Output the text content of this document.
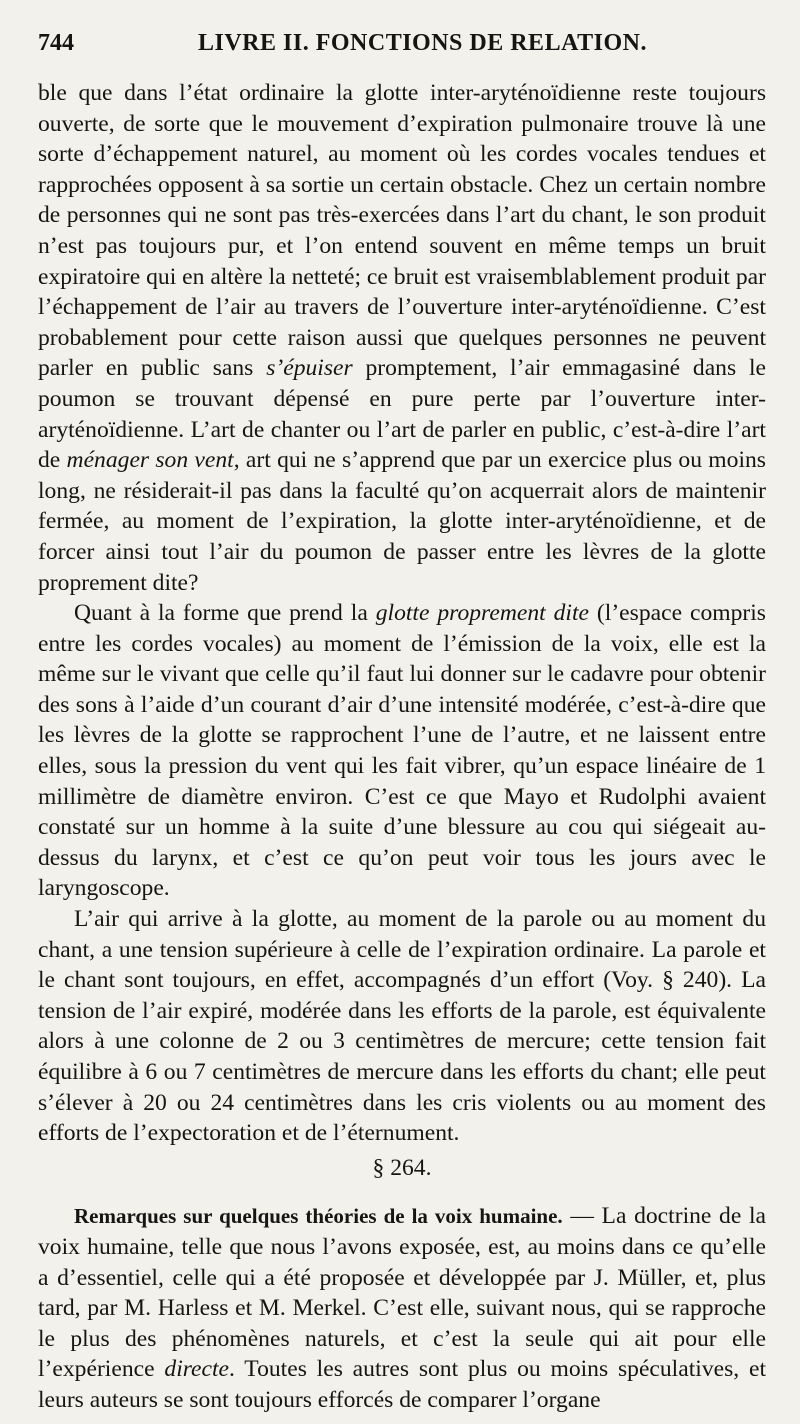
744	LIVRE II. FONCTIONS DE RELATION.

ble que dans l’état ordinaire la glotte inter-aryténoïdienne reste toujours ouverte, de sorte que le mouvement d’expiration pulmonaire trouve là une sorte d’échappement naturel, au moment où les cordes vocales tendues et rapprochées opposent à sa sortie un certain obstacle. Chez un certain nombre de personnes qui ne sont pas très-exercées dans l’art du chant, le son produit n’est pas toujours pur, et l’on entend souvent en même temps un bruit expiratoire qui en altère la netteté; ce bruit est vraisemblablement produit par l’échappement de l’air au travers de l’ouverture inter-aryténoïdienne. C’est probablement pour cette raison aussi que quelques personnes ne peuvent parler en public sans s’épuiser promptement, l’air emmagasiné dans le poumon se trouvant dépensé en pure perte par l’ouverture inter-aryténoïdienne. L’art de chanter ou l’art de parler en public, c’est-à-dire l’art de ménager son vent, art qui ne s’apprend que par un exercice plus ou moins long, ne résiderait-il pas dans la faculté qu’on acquerrait alors de maintenir fermée, au moment de l’expiration, la glotte inter-aryténoïdienne, et de forcer ainsi tout l’air du poumon de passer entre les lèvres de la glotte proprement dite?

Quant à la forme que prend la glotte proprement dite (l’espace compris entre les cordes vocales) au moment de l’émission de la voix, elle est la même sur le vivant que celle qu’il faut lui donner sur le cadavre pour obtenir des sons à l’aide d’un courant d’air d’une intensité modérée, c’est-à-dire que les lèvres de la glotte se rapprochent l’une de l’autre, et ne laissent entre elles, sous la pression du vent qui les fait vibrer, qu’un espace linéaire de 1 millimètre de diamètre environ. C’est ce que Mayo et Rudolphi avaient constaté sur un homme à la suite d’une blessure au cou qui siégeait au-dessus du larynx, et c’est ce qu’on peut voir tous les jours avec le laryngoscope.

L’air qui arrive à la glotte, au moment de la parole ou au moment du chant, a une tension supérieure à celle de l’expiration ordinaire. La parole et le chant sont toujours, en effet, accompagnés d’un effort (Voy. § 240). La tension de l’air expiré, modérée dans les efforts de la parole, est équivalente alors à une colonne de 2 ou 3 centimètres de mercure; cette tension fait équilibre à 6 ou 7 centimètres de mercure dans les efforts du chant; elle peut s’élever à 20 ou 24 centimètres dans les cris violents ou au moment des efforts de l’expectoration et de l’éternument.

§ 264.

Remarques sur quelques théories de la voix humaine. — La doctrine de la voix humaine, telle que nous l’avons exposée, est, au moins dans ce qu’elle a d’essentiel, celle qui a été proposée et développée par J. Müller, et, plus tard, par M. Harless et M. Merkel. C’est elle, suivant nous, qui se rapproche le plus des phénomènes naturels, et c’est la seule qui ait pour elle l’expérience directe. Toutes les autres sont plus ou moins spéculatives, et leurs auteurs se sont toujours efforcés de comparer l’organe
